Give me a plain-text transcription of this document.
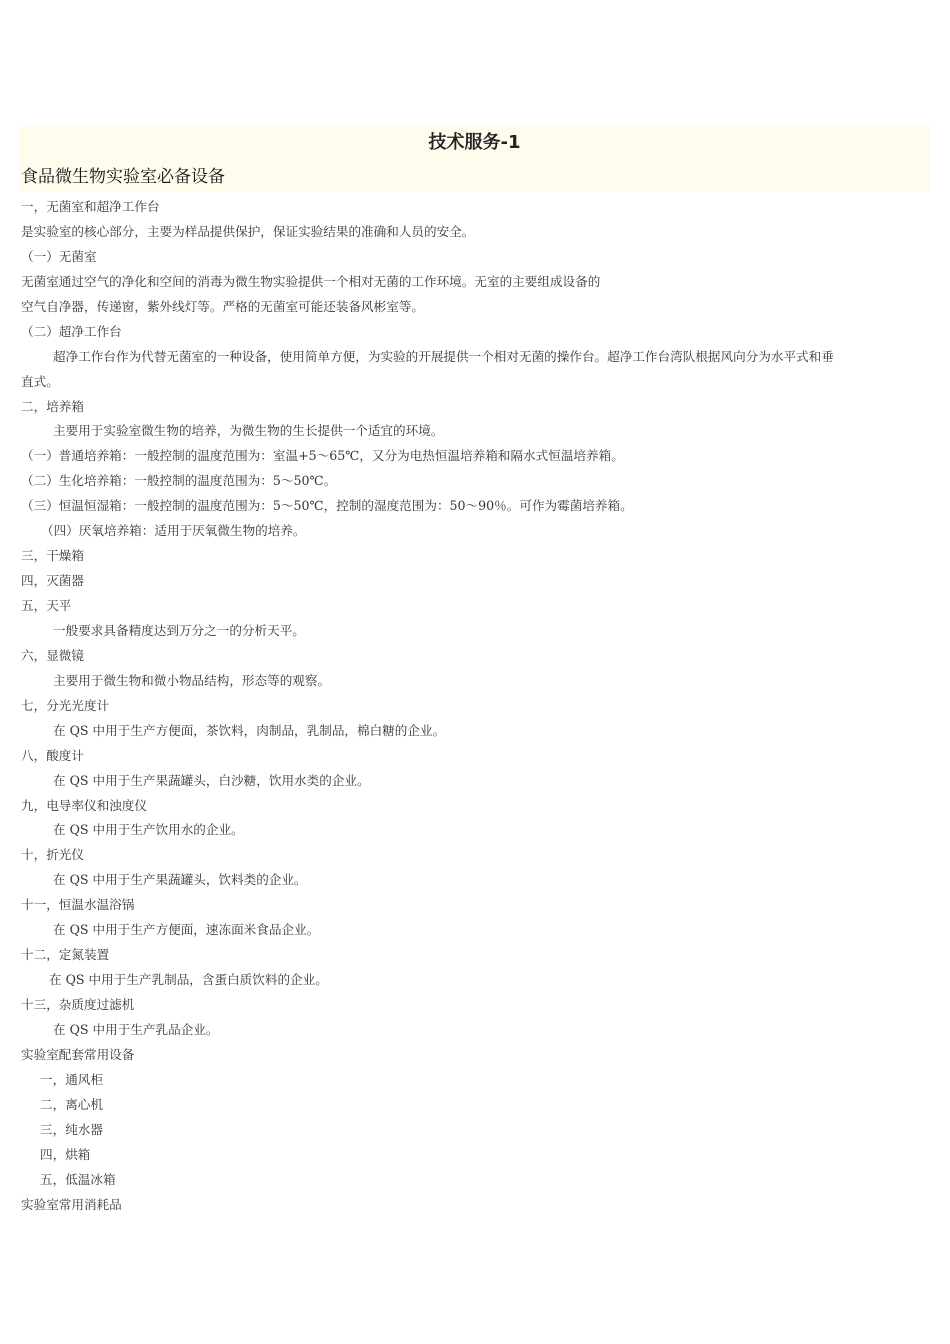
技术服务-1
食品微生物实验室必备设备
一，无菌室和超净工作台
是实验室的核心部分，主要为样品提供保护，保证实验结果的准确和人员的安全。
（一）无菌室
无菌室通过空气的净化和空间的消毒为微生物实验提供一个相对无菌的工作环境。无室的主要组成设备的
空气自净器，传递窗，紫外线灯等。严格的无菌室可能还装备风彬室等。
（二）超净工作台
超净工作台作为代替无菌室的一种设备，使用简单方便，为实验的开展提供一个相对无菌的操作台。超净工作台湾队根据风向分为水平式和垂
直式。
二，培养箱
主要用于实验室微生物的培养，为微生物的生长提供一个适宜的环境。
（一）普通培养箱：一般控制的温度范围为：室温+5～65℃，又分为电热恒温培养箱和隔水式恒温培养箱。
（二）生化培养箱：一般控制的温度范围为：5～50℃。
（三）恒温恒湿箱：一般控制的温度范围为：5～50℃，控制的湿度范围为：50～90％。可作为霉菌培养箱。
（四）厌氧培养箱：适用于厌氧微生物的培养。
三，干燥箱
四，灭菌器
五，天平
一般要求具备精度达到万分之一的分析天平。
六，显微镜
主要用于微生物和微小物品结构，形态等的观察。
七，分光光度计
在 QS 中用于生产方便面，茶饮料，肉制品，乳制品，棉白糖的企业。
八，酸度计
在 QS 中用于生产果蔬罐头，白沙糖，饮用水类的企业。
九，电导率仪和浊度仪
在 QS 中用于生产饮用水的企业。
十，折光仪
在 QS 中用于生产果蔬罐头，饮料类的企业。
十一，恒温水温浴锅
在 QS 中用于生产方便面，速冻面米食品企业。
十二，定氮装置
在 QS 中用于生产乳制品，含蛋白质饮料的企业。
十三，杂质度过滤机
在 QS 中用于生产乳品企业。
实验室配套常用设备
一，通风柜
二，离心机
三，纯水器
四，烘箱
五，低温冰箱
实验室常用消耗品
